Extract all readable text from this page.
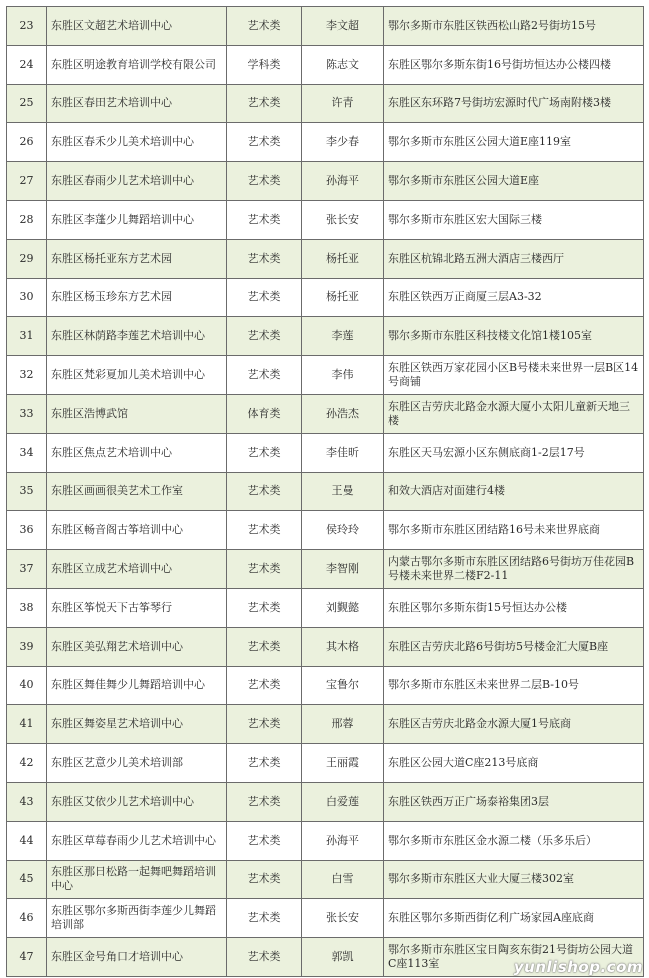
23	东胜区文超艺术培训中心	艺术类	李文超	鄂尔多斯市东胜区铁西松山路2号街坊15号
24	东胜区明途教育培训学校有限公司	学科类	陈志文	东胜区鄂尔多斯东街16号街坊恒达办公楼四楼
25	东胜区春田艺术培训中心	艺术类	许青	东胜区东环路7号街坊宏源时代广场南附楼3楼
26	东胜区春禾少儿美术培训中心	艺术类	李少春	鄂尔多斯市东胜区公园大道E座119室
27	东胜区春雨少儿艺术培训中心	艺术类	孙海平	鄂尔多斯市东胜区公园大道E座
28	东胜区李蓬少儿舞蹈培训中心	艺术类	张长安	鄂尔多斯市东胜区宏大国际三楼
29	东胜区杨托亚东方艺术园	艺术类	杨托亚	东胜区杭锦北路五洲大酒店三楼西厅
30	东胜区杨玉珍东方艺术园	艺术类	杨托亚	东胜区铁西万正商厦三层A3-32
31	东胜区林荫路李莲艺术培训中心	艺术类	李莲	鄂尔多斯市东胜区科技楼文化馆1楼105室
32	东胜区梵彩夏加儿美术培训中心	艺术类	李伟	东胜区铁西万家花园小区B号楼未来世界一层B区14号商铺
33	东胜区浩博武馆	体育类	孙浩杰	东胜区吉劳庆北路金水源大厦小太阳儿童新天地三楼
34	东胜区焦点艺术培训中心	艺术类	李佳昕	东胜区天马宏源小区东侧底商1-2层17号
35	东胜区画画很美艺术工作室	艺术类	王曼	和效大酒店对面建行4楼
36	东胜区畅音阁古筝培训中心	艺术类	侯玲玲	鄂尔多斯市东胜区团结路16号未来世界底商
37	东胜区立成艺术培训中心	艺术类	李智刚	内蒙古鄂尔多斯市东胜区团结路6号街坊万佳花园B号楼未来世界二楼F2-11
38	东胜区筝悦天下古筝琴行	艺术类	刘觐懿	东胜区鄂尔多斯东街15号恒达办公楼
39	东胜区美弘翔艺术培训中心	艺术类	其木格	东胜区吉劳庆北路6号街坊5号楼金汇大厦B座
40	东胜区舞佳舞少儿舞蹈培训中心	艺术类	宝鲁尔	鄂尔多斯市东胜区未来世界二层B-10号
41	东胜区舞姿星艺术培训中心	艺术类	邢蓉	东胜区吉劳庆北路金水源大厦1号底商
42	东胜区艺意少儿美术培训部	艺术类	王丽霞	东胜区公园大道C座213号底商
43	东胜区艾依少儿艺术培训中心	艺术类	白爱莲	东胜区铁西万正广场泰裕集团3层
44	东胜区草莓春雨少儿艺术培训中心	艺术类	孙海平	鄂尔多斯市东胜区金水源二楼（乐多乐后）
45	东胜区那日松路一起舞吧舞蹈培训中心	艺术类	白雪	鄂尔多斯市东胜区大业大厦三楼302室
46	东胜区鄂尔多斯西街李莲少儿舞蹈培训部	艺术类	张长安	东胜区鄂尔多斯西街亿利广场家园A座底商
47	东胜区金号角口才培训中心	艺术类	郭凯	鄂尔多斯市东胜区宝日陶亥东街21号街坊公园大道C座113室	yunlishop.com
